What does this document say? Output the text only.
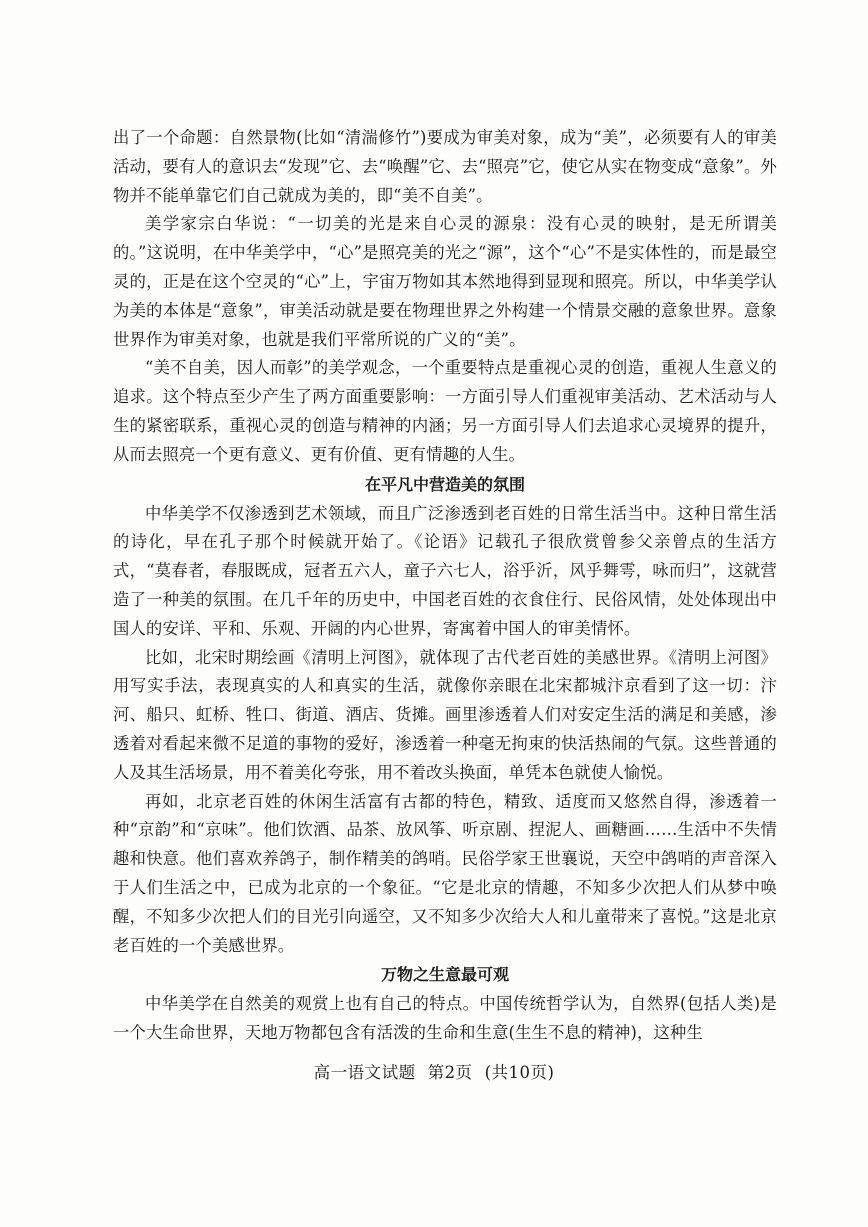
出了一个命题：自然景物(比如“清湍修竹”)要成为审美对象，成为“美”，必须要有人的审美活动，要有人的意识去“发现”它、去“唤醒”它、去“照亮”它，使它从实在物变成“意象”。外物并不能单靠它们自己就成为美的，即“美不自美”。

美学家宗白华说：“一切美的光是来自心灵的源泉：没有心灵的映射，是无所谓美的。”这说明，在中华美学中，“心”是照亮美的光之“源”，这个“心”不是实体性的，而是最空灵的，正是在这个空灵的“心”上，宇宙万物如其本然地得到显现和照亮。所以，中华美学认为美的本体是“意象”，审美活动就是要在物理世界之外构建一个情景交融的意象世界。意象世界作为审美对象，也就是我们平常所说的广义的“美”。

“美不自美，因人而彰”的美学观念，一个重要特点是重视心灵的创造，重视人生意义的追求。这个特点至少产生了两方面重要影响：一方面引导人们重视审美活动、艺术活动与人生的紧密联系，重视心灵的创造与精神的内涵；另一方面引导人们去追求心灵境界的提升，从而去照亮一个更有意义、更有价值、更有情趣的人生。

在平凡中营造美的氛围

中华美学不仅渗透到艺术领域，而且广泛渗透到老百姓的日常生活当中。这种日常生活的诗化，早在孔子那个时候就开始了。《论语》记载孔子很欣赏曾参父亲曾点的生活方式，“莫春者，春服既成，冠者五六人，童子六七人，浴乎沂，风乎舞雩，咏而归”，这就营造了一种美的氛围。在几千年的历史中，中国老百姓的衣食住行、民俗风情，处处体现出中国人的安详、平和、乐观、开阔的内心世界，寄寓着中国人的审美情怀。

比如，北宋时期绘画《清明上河图》，就体现了古代老百姓的美感世界。《清明上河图》用写实手法，表现真实的人和真实的生活，就像你亲眼在北宋都城汴京看到了这一切：汴河、船只、虹桥、牲口、街道、酒店、货摊。画里渗透着人们对安定生活的满足和美感，渗透着对看起来微不足道的事物的爱好，渗透着一种毫无拘束的快活热闹的气氛。这些普通的人及其生活场景，用不着美化夸张，用不着改头换面，单凭本色就使人愉悦。

再如，北京老百姓的休闲生活富有古都的特色，精致、适度而又悠然自得，渗透着一种“京韵”和“京味”。他们饮酒、品茶、放风筝、听京剧、捏泥人、画糖画……生活中不失情趣和快意。他们喜欢养鸽子，制作精美的鸽哨。民俗学家王世襄说，天空中鸽哨的声音深入于人们生活之中，已成为北京的一个象征。“它是北京的情趣，不知多少次把人们从梦中唤醒，不知多少次把人们的目光引向遥空，又不知多少次给大人和儿童带来了喜悦。”这是北京老百姓的一个美感世界。

万物之生意最可观

中华美学在自然美的观赏上也有自己的特点。中国传统哲学认为，自然界(包括人类)是一个大生命世界，天地万物都包含有活泼的生命和生意(生生不息的精神)，这种生

高一语文试题 第2页 (共10页)
